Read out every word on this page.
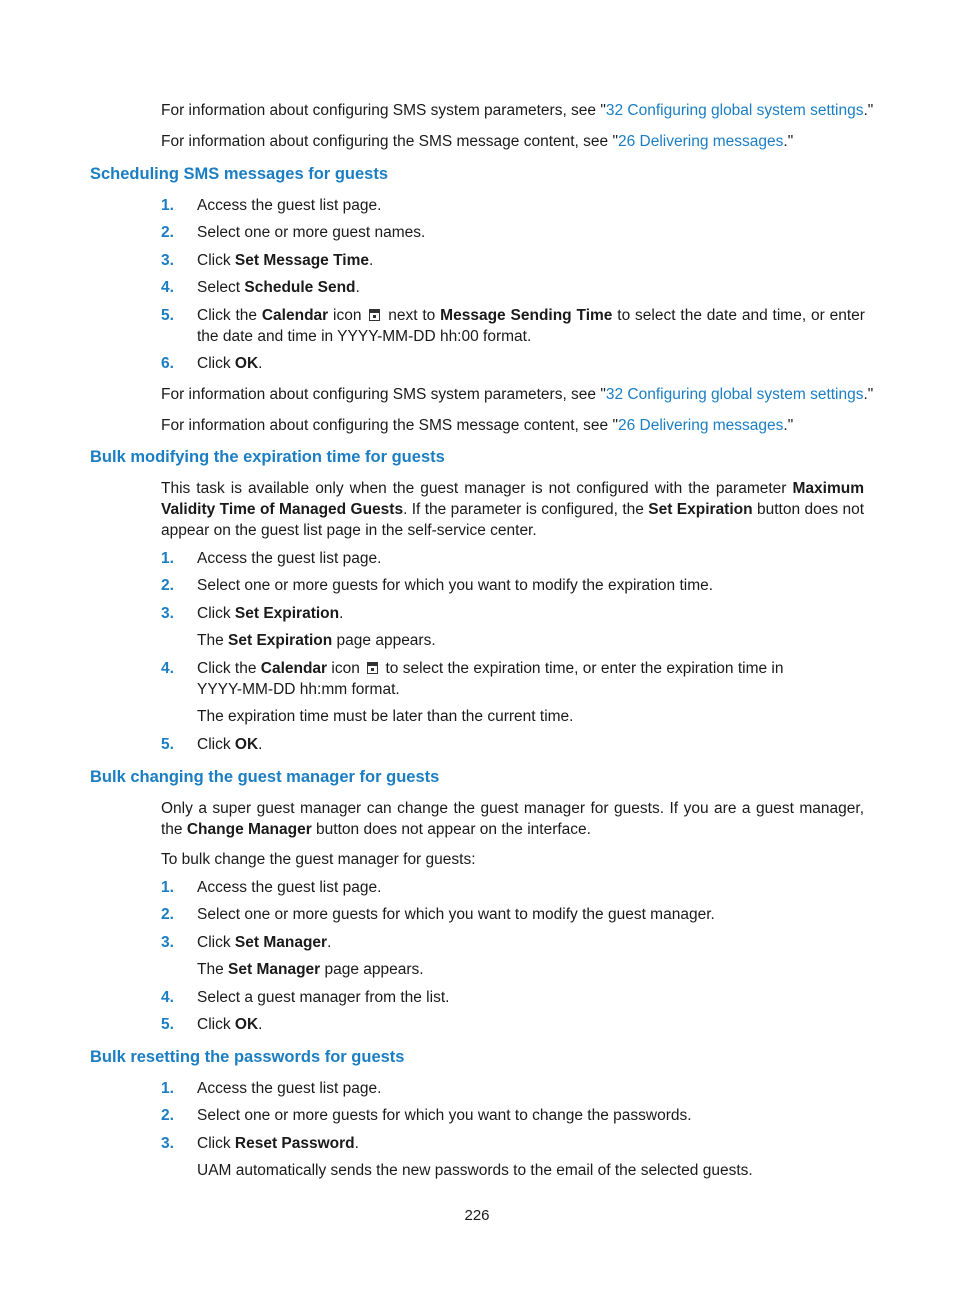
For information about configuring SMS system parameters, see "32 Configuring global system settings."
For information about configuring the SMS message content, see "26 Delivering messages."
Scheduling SMS messages for guests
1. Access the guest list page.
2. Select one or more guest names.
3. Click Set Message Time.
4. Select Schedule Send.
5. Click the Calendar icon  next to Message Sending Time to select the date and time, or enter the date and time in YYYY-MM-DD hh:00 format.
6. Click OK.
For information about configuring SMS system parameters, see "32 Configuring global system settings."
For information about configuring the SMS message content, see "26 Delivering messages."
Bulk modifying the expiration time for guests
This task is available only when the guest manager is not configured with the parameter Maximum Validity Time of Managed Guests. If the parameter is configured, the Set Expiration button does not appear on the guest list page in the self-service center.
1. Access the guest list page.
2. Select one or more guests for which you want to modify the expiration time.
3. Click Set Expiration.
The Set Expiration page appears.
4. Click the Calendar icon  to select the expiration time, or enter the expiration time in YYYY-MM-DD hh:mm format.
The expiration time must be later than the current time.
5. Click OK.
Bulk changing the guest manager for guests
Only a super guest manager can change the guest manager for guests. If you are a guest manager, the Change Manager button does not appear on the interface.
To bulk change the guest manager for guests:
1. Access the guest list page.
2. Select one or more guests for which you want to modify the guest manager.
3. Click Set Manager.
The Set Manager page appears.
4. Select a guest manager from the list.
5. Click OK.
Bulk resetting the passwords for guests
1. Access the guest list page.
2. Select one or more guests for which you want to change the passwords.
3. Click Reset Password.
UAM automatically sends the new passwords to the email of the selected guests.
226
